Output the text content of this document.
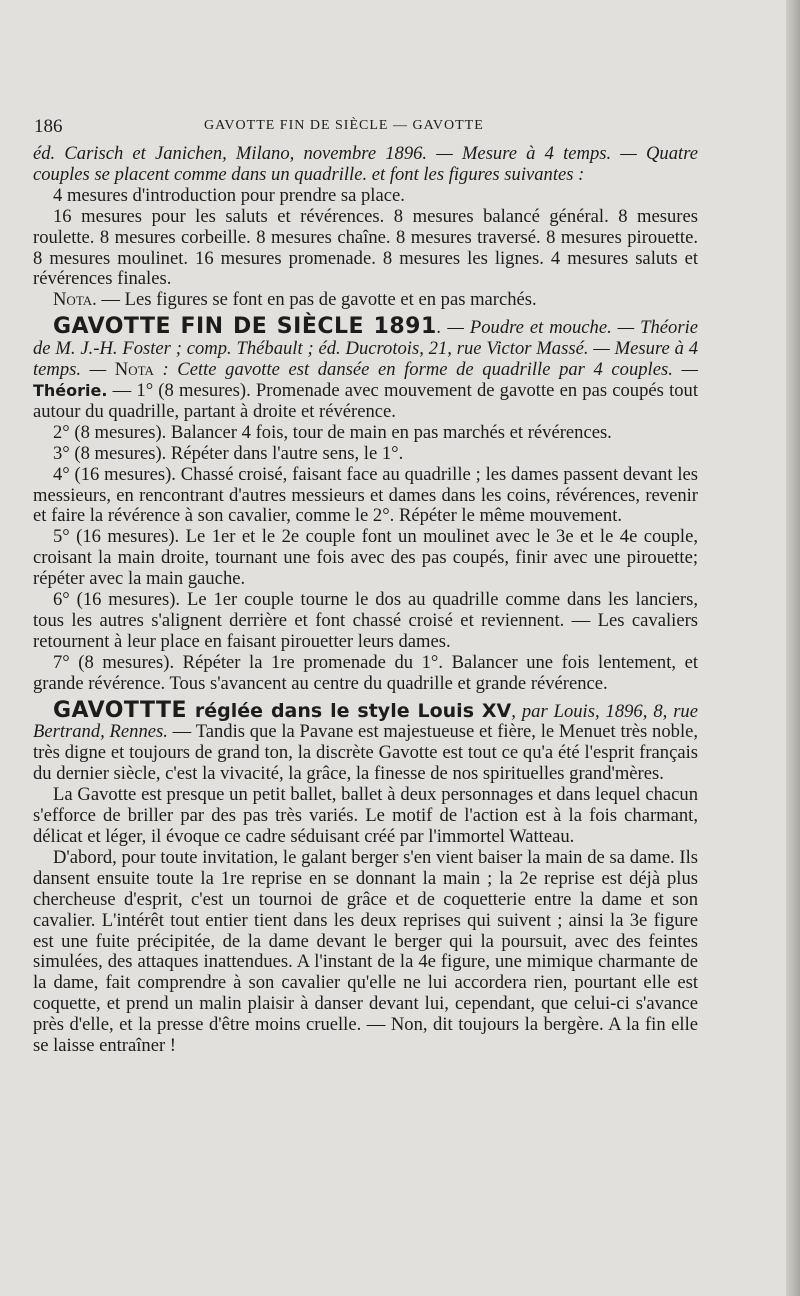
186	GAVOTTE FIN DE SIÈCLE — GAVOTTE

éd. Carisch et Janichen, Milano, novembre 1896. — Mesure à 4 temps. — Quatre couples se placent comme dans un quadrille. et font les figures suivantes :

4 mesures d'introduction pour prendre sa place.

16 mesures pour les saluts et révérences. 8 mesures balancé général. 8 mesures roulette. 8 mesures corbeille. 8 mesures chaîne. 8 mesures traversé. 8 mesures pirouette. 8 mesures moulinet. 16 mesures promenade. 8 mesures les lignes. 4 mesures saluts et révérences finales.

Nota. — Les figures se font en pas de gavotte et en pas marchés.

GAVOTTE FIN DE SIÈCLE 1891. — Poudre et mouche. — Théorie de M. J.-H. Foster ; comp. Thébault ; éd. Ducrotois, 21, rue Victor Massé. — Mesure à 4 temps. — Nota : Cette gavotte est dansée en forme de quadrille par 4 couples. — Théorie. — 1° (8 mesures). Promenade avec mouvement de gavotte en pas coupés tout autour du quadrille, partant à droite et révérence.

2° (8 mesures). Balancer 4 fois, tour de main en pas marchés et révérences.

3° (8 mesures). Répéter dans l'autre sens, le 1°.

4° (16 mesures). Chassé croisé, faisant face au quadrille ; les dames passent devant les messieurs, en rencontrant d'autres messieurs et dames dans les coins, révérences, revenir et faire la révérence à son cavalier, comme le 2°. Répéter le même mouvement.

5° (16 mesures). Le 1er et le 2e couple font un moulinet avec le 3e et le 4e couple, croisant la main droite, tournant une fois avec des pas coupés, finir avec une pirouette; répéter avec la main gauche.

6° (16 mesures). Le 1er couple tourne le dos au quadrille comme dans les lanciers, tous les autres s'alignent derrière et font chassé croisé et reviennent. — Les cavaliers retournent à leur place en faisant pirouetter leurs dames.

7° (8 mesures). Répéter la 1re promenade du 1°. Balancer une fois lentement, et grande révérence. Tous s'avancent au centre du quadrille et grande révérence.

GAVOTTTE réglée dans le style Louis XV, par Louis, 1896, 8, rue Bertrand, Rennes. — Tandis que la Pavane est majestueuse et fière, le Menuet très noble, très digne et toujours de grand ton, la discrète Gavotte est tout ce qu'a été l'esprit français du dernier siècle, c'est la vivacité, la grâce, la finesse de nos spirituelles grand'mères.

La Gavotte est presque un petit ballet, ballet à deux personnages et dans lequel chacun s'efforce de briller par des pas très variés. Le motif de l'action est à la fois charmant, délicat et léger, il évoque ce cadre séduisant créé par l'immortel Watteau.

D'abord, pour toute invitation, le galant berger s'en vient baiser la main de sa dame. Ils dansent ensuite toute la 1re reprise en se donnant la main ; la 2e reprise est déjà plus chercheuse d'esprit, c'est un tournoi de grâce et de coquetterie entre la dame et son cavalier. L'intérêt tout entier tient dans les deux reprises qui suivent ; ainsi la 3e figure est une fuite précipitée, de la dame devant le berger qui la poursuit, avec des feintes simulées, des attaques inattendues. A l'instant de la 4e figure, une mimique charmante de la dame, fait comprendre à son cavalier qu'elle ne lui accordera rien, pourtant elle est coquette, et prend un malin plaisir à danser devant lui, cependant, que celui-ci s'avance près d'elle, et la presse d'être moins cruelle. — Non, dit toujours la bergère. A la fin elle se laisse entraîner !
